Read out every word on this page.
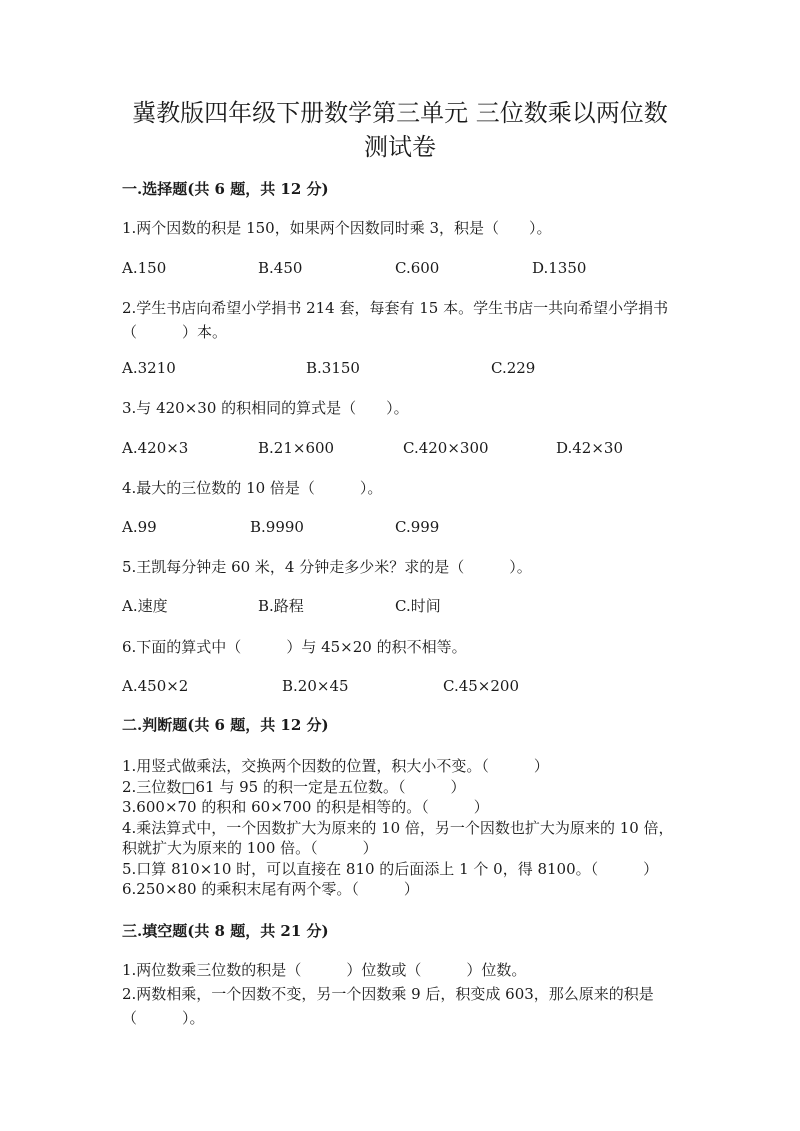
冀教版四年级下册数学第三单元 三位数乘以两位数
测试卷
一.选择题(共 6 题，共 12 分)

1.两个因数的积是 150，如果两个因数同时乘 3，积是（　　）。

A.150	B.450	C.600	D.1350

2.学生书店向希望小学捐书 214 套，每套有 15 本。学生书店一共向希望小学捐书（　　　）本。

A.3210	B.3150	C.229

3.与 420×30 的积相同的算式是（　　）。

A.420×3	B.21×600	C.420×300	D.42×30

4.最大的三位数的 10 倍是（　　　）。

A.99	B.9990	C.999

5.王凯每分钟走 60 米，4 分钟走多少米？求的是（　　　）。

A.速度	B.路程	C.时间

6.下面的算式中（　　　）与 45×20 的积不相等。

A.450×2	B.20×45	C.45×200
二.判断题(共 6 题，共 12 分)
1.用竖式做乘法，交换两个因数的位置，积大小不变。（　　　）
2.三位数□61 与 95 的积一定是五位数。（　　　）
3.600×70 的积和 60×700 的积是相等的。（　　　）
4.乘法算式中，一个因数扩大为原来的 10 倍，另一个因数也扩大为原来的 10 倍，积就扩大为原来的 100 倍。（　　　）
5.口算 810×10 时，可以直接在 810 的后面添上 1 个 0，得 8100。（　　　）
6.250×80 的乘积末尾有两个零。（　　　）
三.填空题(共 8 题，共 21 分)
1.两位数乘三位数的积是（　　　）位数或（　　　）位数。
2.两数相乘，一个因数不变，另一个因数乘 9 后，积变成 603，那么原来的积是（　　　）。
